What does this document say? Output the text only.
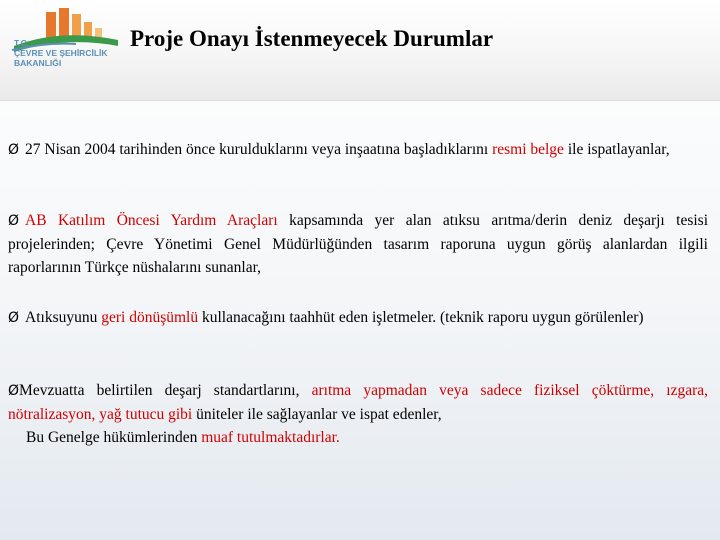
T.C.
ÇEVRE VE ŞEHİRCİLİK
BAKANLIĞI
Proje Onayı İstenmeyecek Durumlar

Ø 27 Nisan 2004 tarihinden önce kurulduklarını veya inşaatına başladıklarını resmi belge ile ispatlayanlar,

Ø AB Katılım Öncesi Yardım Araçları kapsamında yer alan atıksu arıtma/derin deniz deşarjı tesisi projelerinden; Çevre Yönetimi Genel Müdürlüğünden tasarım raporuna uygun görüş alanlardan ilgili raporlarının Türkçe nüshalarını sunanlar,

Ø Atıksuyunu geri dönüşümlü kullanacağını taahhüt eden işletmeler. (teknik raporu uygun görülenler)

ØMevzuatta belirtilen deşarj standartlarını, arıtma yapmadan veya sadece fiziksel çöktürme, ızgara, nötralizasyon, yağ tutucu gibi üniteler ile sağlayanlar ve ispat edenler,
Bu Genelge hükümlerinden muaf tutulmaktadırlar.
